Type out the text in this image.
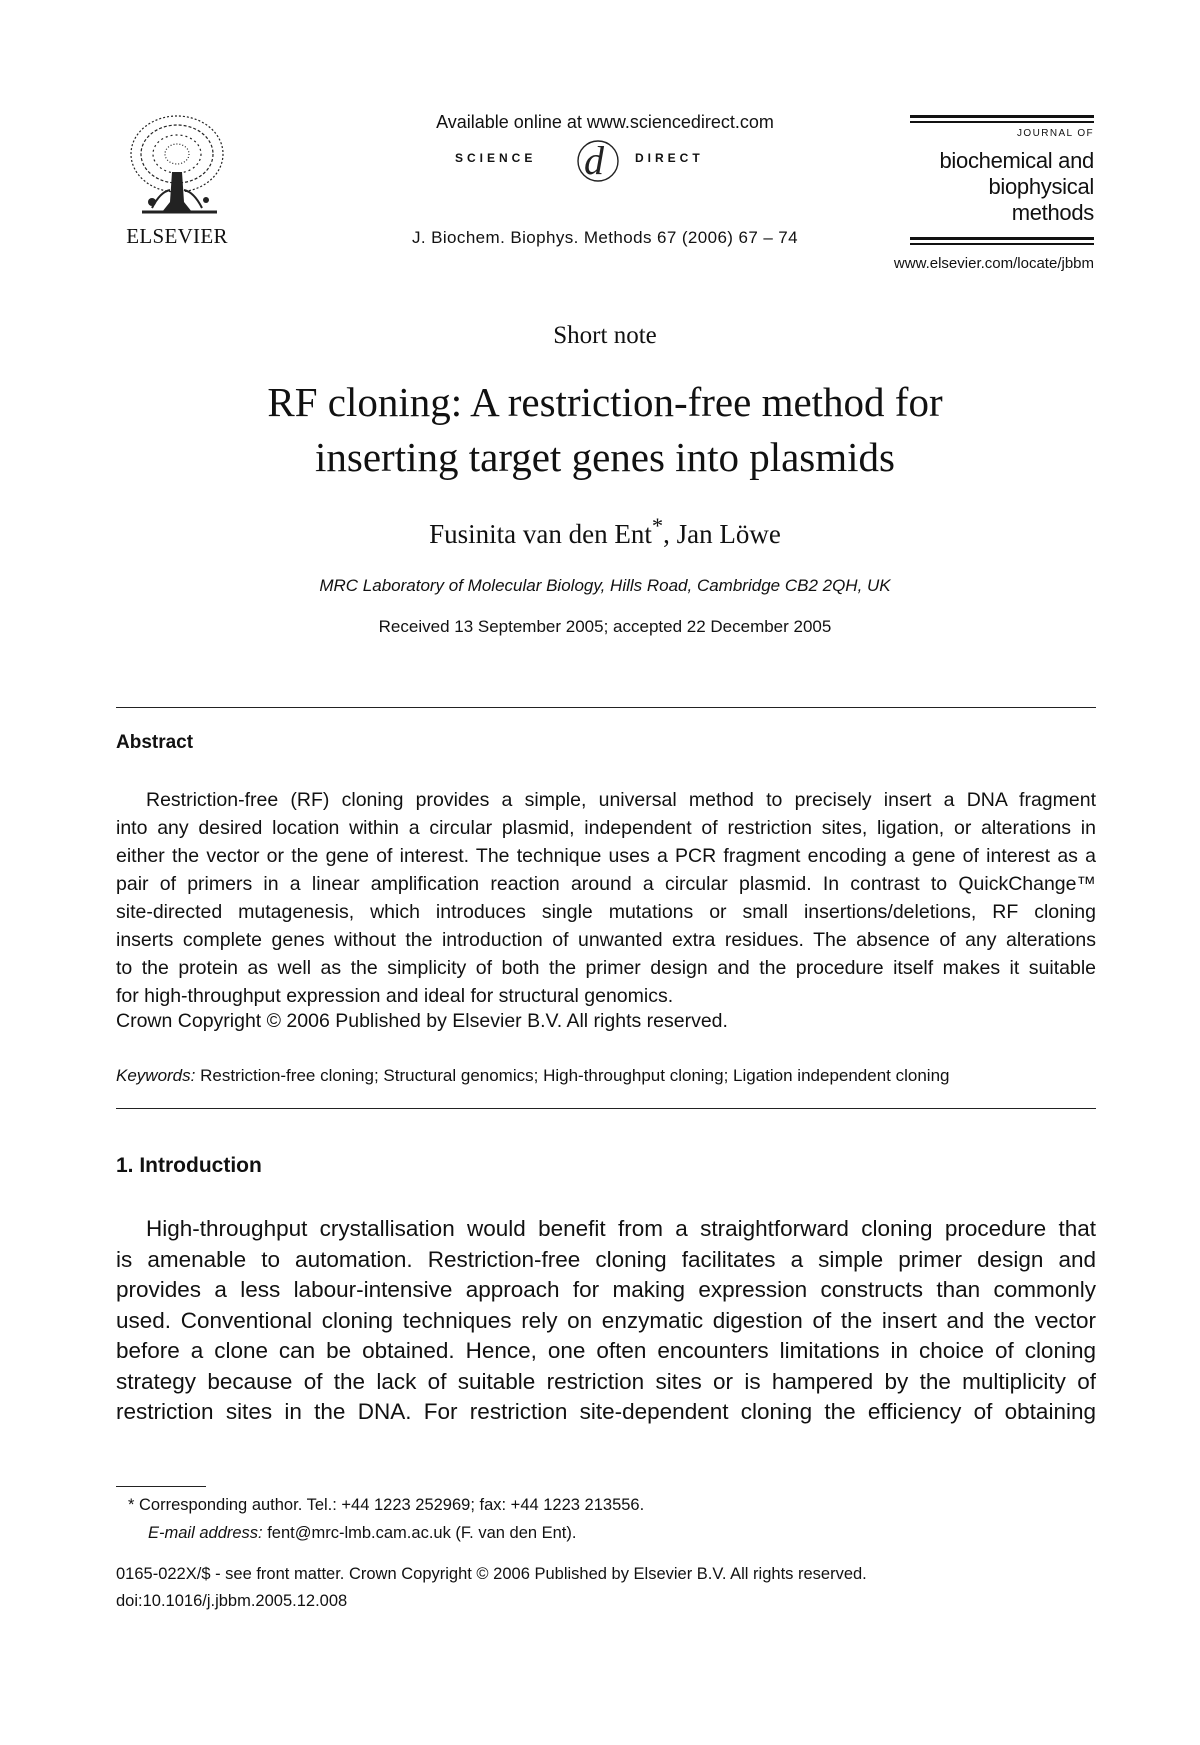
ELSEVIER
Available online at www.sciencedirect.com
SCIENCE d	DIRECT
J. Biochem. Biophys. Methods 67 (2006) 67 – 74
JOURNAL OF
biochemical and
biophysical
methods
www.elsevier.com/locate/jbbm
Short note
RF cloning: A restriction-free method for
inserting target genes into plasmids
Fusinita van den Ent*, Jan Löwe
MRC Laboratory of Molecular Biology, Hills Road, Cambridge CB2 2QH, UK
Received 13 September 2005; accepted 22 December 2005
Abstract
Restriction-free (RF) cloning provides a simple, universal method to precisely insert a DNA fragment
into any desired location within a circular plasmid, independent of restriction sites, ligation, or alterations in
either the vector or the gene of interest. The technique uses a PCR fragment encoding a gene of interest as a
pair of primers in a linear amplification reaction around a circular plasmid. In contrast to QuickChange™
site-directed mutagenesis, which introduces single mutations or small insertions/deletions, RF cloning
inserts complete genes without the introduction of unwanted extra residues. The absence of any alterations
to the protein as well as the simplicity of both the primer design and the procedure itself makes it suitable
for high-throughput expression and ideal for structural genomics.
Crown Copyright © 2006 Published by Elsevier B.V. All rights reserved.
Keywords: Restriction-free cloning; Structural genomics; High-throughput cloning; Ligation independent cloning
1. Introduction
High-throughput crystallisation would benefit from a straightforward cloning procedure that
is amenable to automation. Restriction-free cloning facilitates a simple primer design and
provides a less labour-intensive approach for making expression constructs than commonly
used. Conventional cloning techniques rely on enzymatic digestion of the insert and the vector
before a clone can be obtained. Hence, one often encounters limitations in choice of cloning
strategy because of the lack of suitable restriction sites or is hampered by the multiplicity of
restriction sites in the DNA. For restriction site-dependent cloning the efficiency of obtaining
* Corresponding author. Tel.: +44 1223 252969; fax: +44 1223 213556.
E-mail address: fent@mrc-lmb.cam.ac.uk (F. van den Ent).
0165-022X/$ - see front matter. Crown Copyright © 2006 Published by Elsevier B.V. All rights reserved.
doi:10.1016/j.jbbm.2005.12.008
